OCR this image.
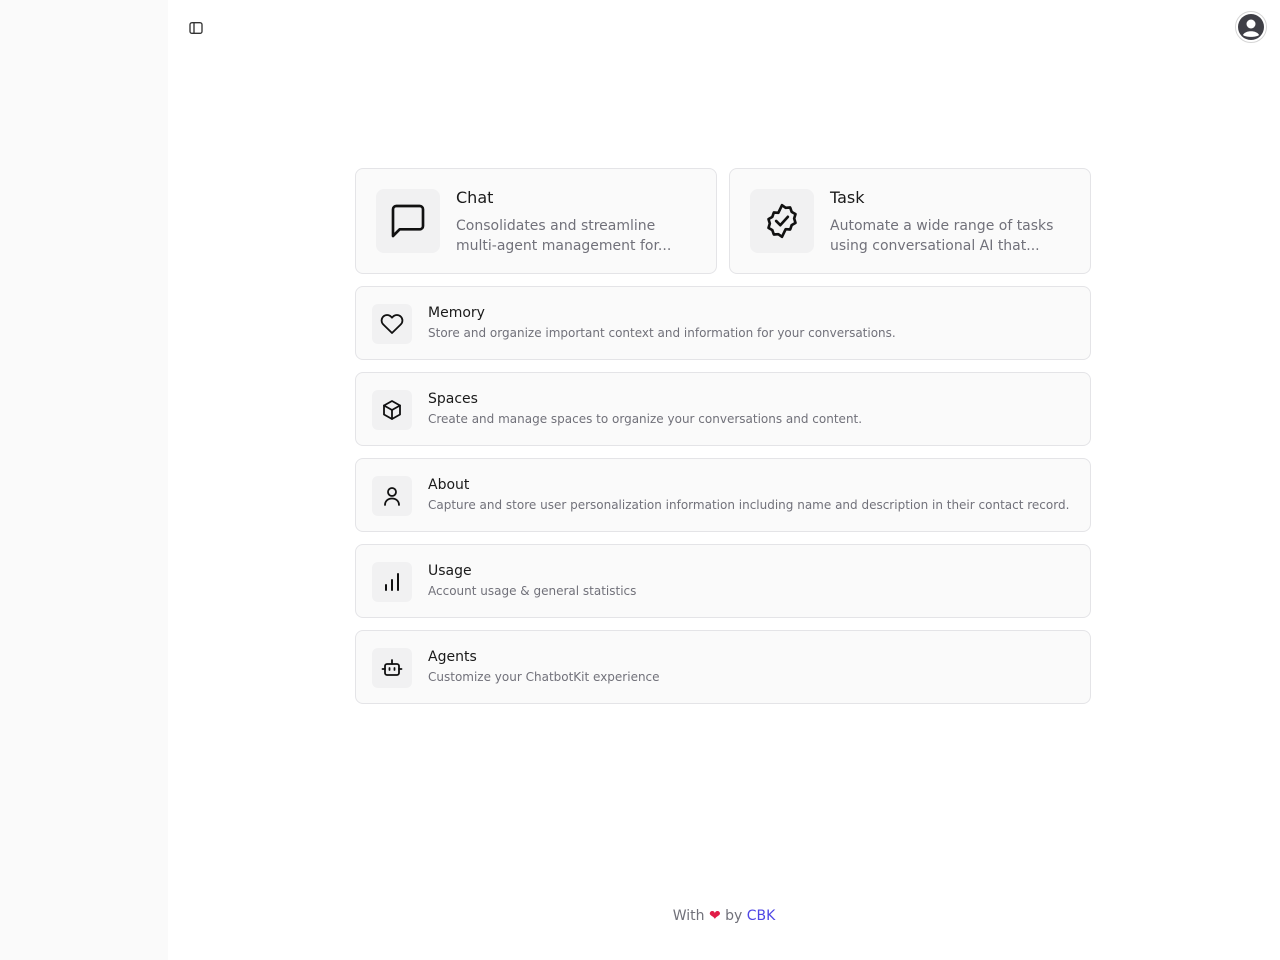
Chat
Consolidates and streamline multi-agent management for...
Task
Automate a wide range of tasks using conversational AI that...
Memory
Store and organize important context and information for your conversations.
Spaces
Create and manage spaces to organize your conversations and content.
About
Capture and store user personalization information including name and description in their contact record.
Usage
Account usage & general statistics
Agents
Customize your ChatbotKit experience
With ❤ by CBK
